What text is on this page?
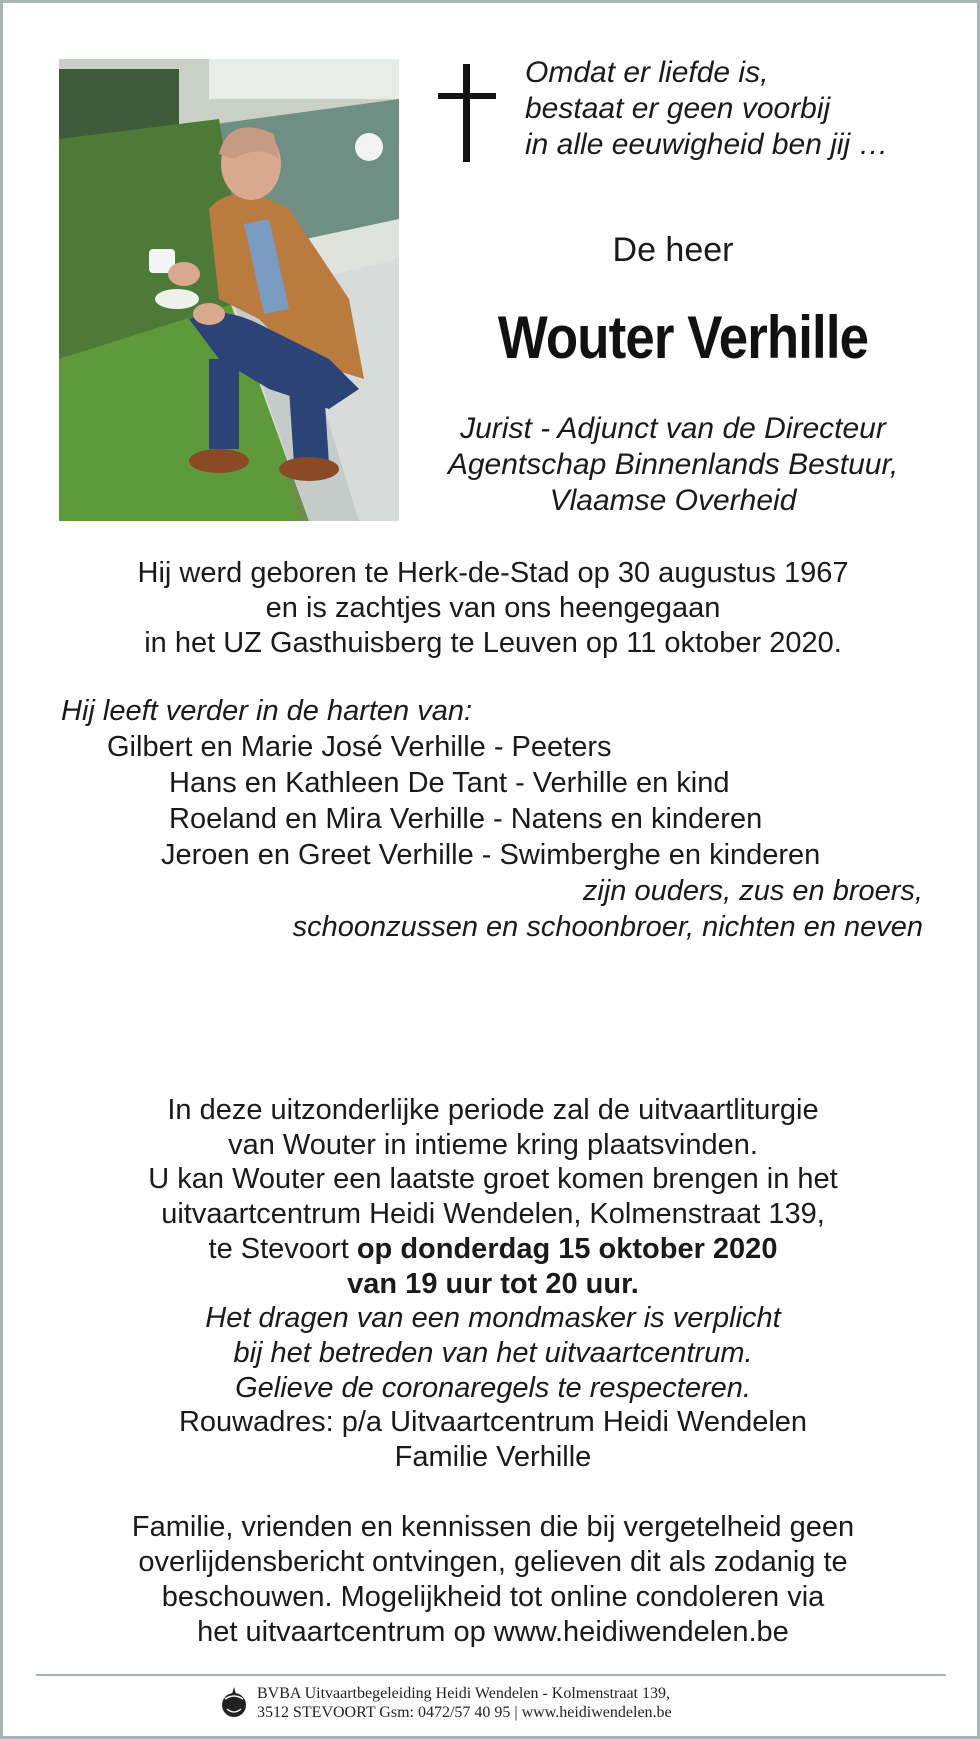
Omdat er liefde is,
bestaat er geen voorbij
in alle eeuwigheid ben jij …
De heer
Wouter Verhille
Jurist - Adjunct van de Directeur
Agentschap Binnenlands Bestuur,
Vlaamse Overheid
Hij werd geboren te Herk-de-Stad op 30 augustus 1967
en is zachtjes van ons heengegaan
in het UZ Gasthuisberg te Leuven op 11 oktober 2020.
Hij leeft verder in de harten van:
Gilbert en Marie José Verhille - Peeters
Hans en Kathleen De Tant - Verhille en kind
Roeland en Mira Verhille - Natens en kinderen
Jeroen en Greet Verhille - Swimberghe en kinderen
zijn ouders, zus en broers,
schoonzussen en schoonbroer, nichten en neven
In deze uitzonderlijke periode zal de uitvaartliturgie
van Wouter in intieme kring plaatsvinden.
U kan Wouter een laatste groet komen brengen in het
uitvaartcentrum Heidi Wendelen, Kolmenstraat 139,
te Stevoort op donderdag 15 oktober 2020
van 19 uur tot 20 uur.
Het dragen van een mondmasker is verplicht
bij het betreden van het uitvaartcentrum.
Gelieve de coronaregels te respecteren.
Rouwadres: p/a Uitvaartcentrum Heidi Wendelen
Familie Verhille
Familie, vrienden en kennissen die bij vergetelheid geen
overlijdensbericht ontvingen, gelieven dit als zodanig te
beschouwen. Mogelijkheid tot online condoleren via
het uitvaartcentrum op www.heidiwendelen.be
BVBA Uitvaartbegeleiding Heidi Wendelen - Kolmenstraat 139,
3512 STEVOORT Gsm: 0472/57 40 95 | www.heidiwendelen.be
